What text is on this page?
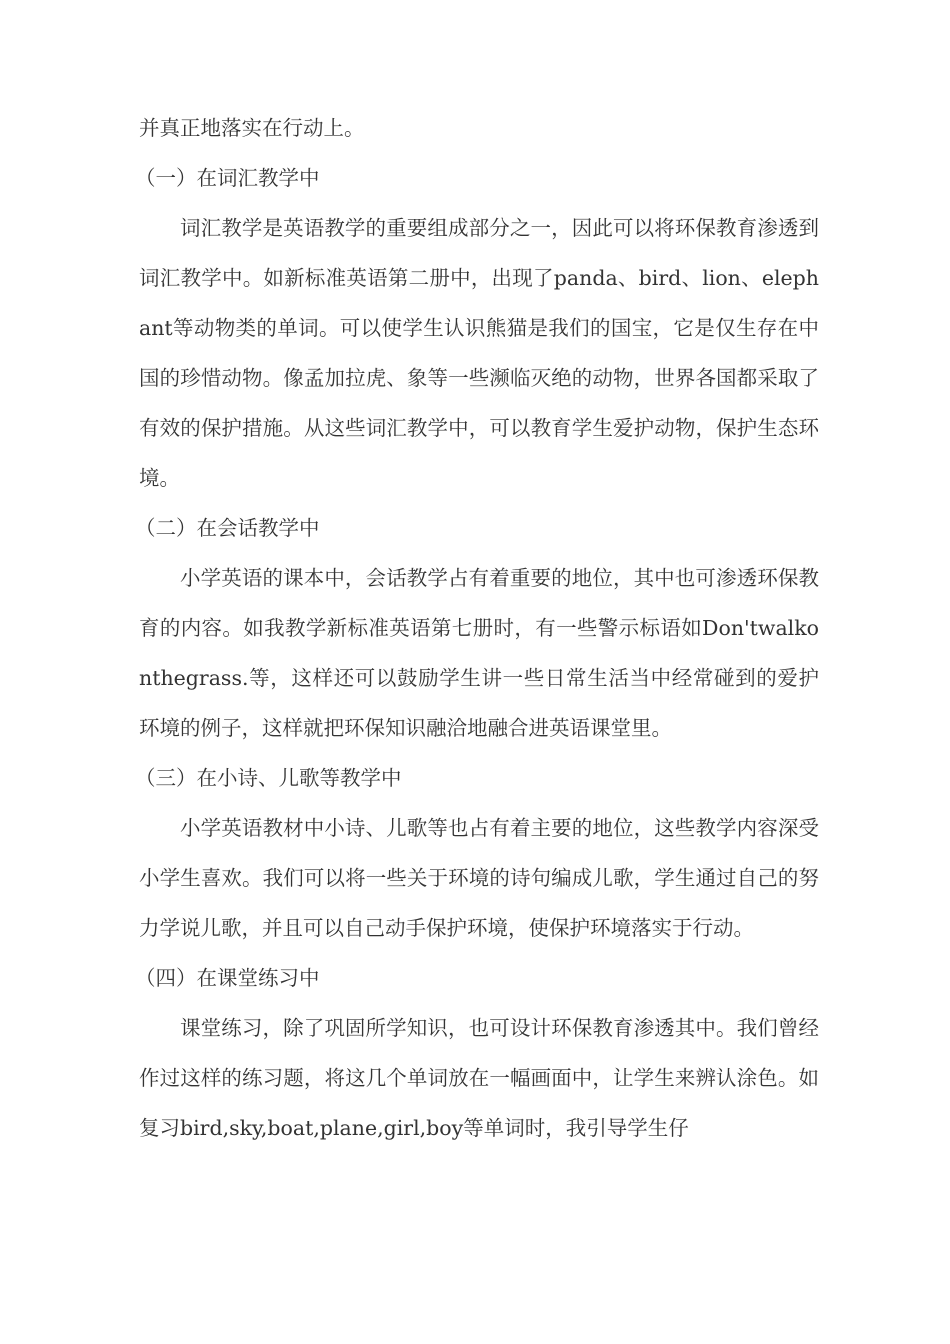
并真正地落实在行动上。

（一）在词汇教学中

词汇教学是英语教学的重要组成部分之一，因此可以将环保教育渗透到词汇教学中。如新标准英语第二册中，出现了panda、bird、lion、elephant等动物类的单词。可以使学生认识熊猫是我们的国宝，它是仅生存在中国的珍惜动物。像孟加拉虎、象等一些濒临灭绝的动物，世界各国都采取了有效的保护措施。从这些词汇教学中，可以教育学生爱护动物，保护生态环境。

（二）在会话教学中

小学英语的课本中，会话教学占有着重要的地位，其中也可渗透环保教育的内容。如我教学新标准英语第七册时，有一些警示标语如Don'twalkonthegrass.等，这样还可以鼓励学生讲一些日常生活当中经常碰到的爱护环境的例子，这样就把环保知识融洽地融合进英语课堂里。

（三）在小诗、儿歌等教学中

小学英语教材中小诗、儿歌等也占有着主要的地位，这些教学内容深受小学生喜欢。我们可以将一些关于环境的诗句编成儿歌，学生通过自己的努力学说儿歌，并且可以自己动手保护环境，使保护环境落实于行动。

（四）在课堂练习中

课堂练习，除了巩固所学知识，也可设计环保教育渗透其中。我们曾经作过这样的练习题，将这几个单词放在一幅画面中，让学生来辨认涂色。如复习bird,sky,boat,plane,girl,boy等单词时，我引导学生仔
